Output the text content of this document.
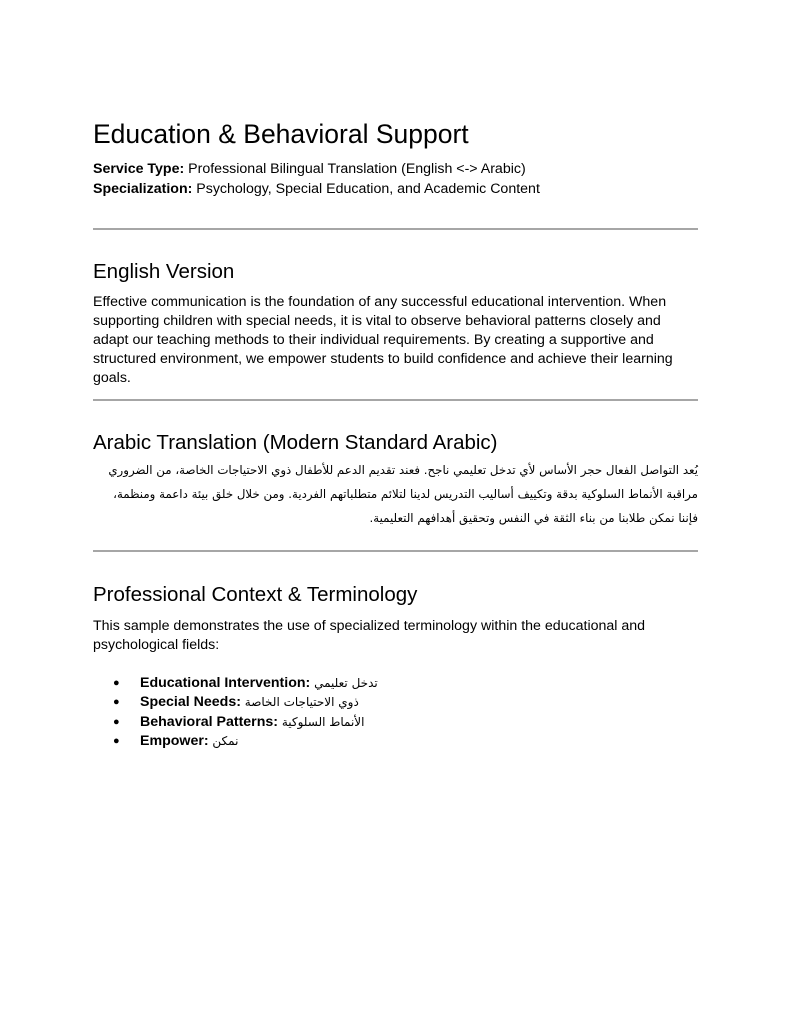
Education & Behavioral Support
Service Type: Professional Bilingual Translation (English <-> Arabic)
Specialization: Psychology, Special Education, and Academic Content
English Version

Effective communication is the foundation of any successful educational intervention. When supporting children with special needs, it is vital to observe behavioral patterns closely and adapt our teaching methods to their individual requirements. By creating a supportive and structured environment, we empower students to build confidence and achieve their learning goals.

Arabic Translation (Modern Standard Arabic)

يُعد التواصل الفعال حجر الأساس لأي تدخل تعليمي ناجح. فعند تقديم الدعم للأطفال ذوي الاحتياجات الخاصة، من الضروري مراقبة الأنماط السلوكية بدقة وتكييف أساليب التدريس لدينا لتلائم متطلباتهم الفردية. ومن خلال خلق بيئة داعمة ومنظمة، فإننا نمكن طلابنا من بناء الثقة في النفس وتحقيق أهدافهم التعليمية.

Professional Context & Terminology

This sample demonstrates the use of specialized terminology within the educational and psychological fields:

● Educational Intervention: تدخل تعليمي
● Special Needs: ذوي الاحتياجات الخاصة
● Behavioral Patterns: الأنماط السلوكية
● Empower: نمكن
